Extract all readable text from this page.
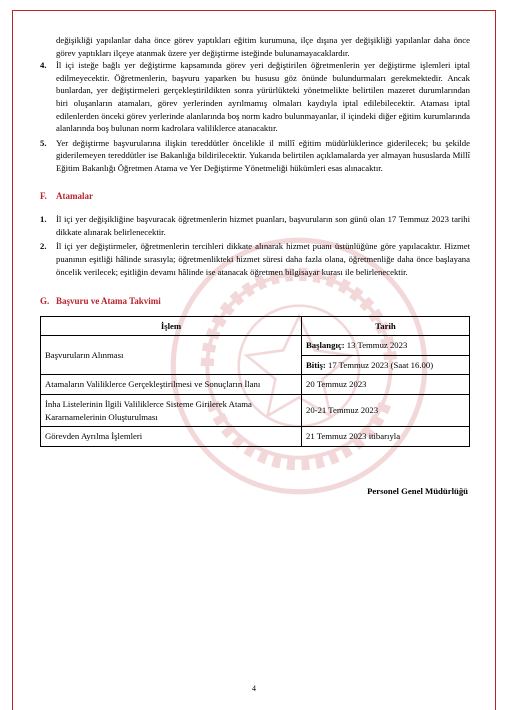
değişikliği yapılanlar daha önce görev yaptıkları eğitim kurumuna, ilçe dışına yer değişikliği yapılanlar daha önce görev yaptıkları ilçeye atanmak üzere yer değiştirme isteğinde bulunamayacaklardır.

4.	İl içi isteğe bağlı yer değiştirme kapsamında görev yeri değiştirilen öğretmenlerin yer değiştirme işlemleri iptal edilmeyecektir. Öğretmenlerin, başvuru yaparken bu hususu göz önünde bulundurmaları gerekmektedir. Ancak bunlardan, yer değiştirmeleri gerçekleştirildikten sonra yürürlükteki yönetmelikte belirtilen mazeret durumlarından biri oluşanların atamaları, görev yerlerinden ayrılmamış olmaları kaydıyla iptal edilebilecektir. Ataması iptal edilenlerden önceki görev yerlerinde alanlarında boş norm kadro bulunmayanlar, il içindeki diğer eğitim kurumlarında alanlarında boş bulunan norm kadrolara valiliklerce atanacaktır.

5.	Yer değiştirme başvurularına ilişkin tereddütler öncelikle il millî eğitim müdürlüklerince giderilecek; bu şekilde giderilemeyen tereddütler ise Bakanlığa bildirilecektir. Yukarıda belirtilen açıklamalarda yer almayan hususlarda Millî Eğitim Bakanlığı Öğretmen Atama ve Yer Değiştirme Yönetmeliği hükümleri esas alınacaktır.

F.	Atamalar
1.	İl içi yer değişikliğine başvuracak öğretmenlerin hizmet puanları, başvuruların son günü olan 17 Temmuz 2023 tarihi dikkate alınarak belirlenecektir.

2.	İl içi yer değiştirmeler, öğretmenlerin tercihleri dikkate alınarak hizmet puanı üstünlüğüne göre yapılacaktır. Hizmet puanının eşitliği hâlinde sırasıyla; öğretmenlikteki hizmet süresi daha fazla olana, öğretmenliğe daha önce başlayana öncelik verilecek; eşitliğin devamı hâlinde ise atanacak öğretmen bilgisayar kurası ile belirlenecektir.

G. Başvuru ve Atama Takvimi
İşlem	Tarih
Başvuruların Alınması	Başlangıç: 13 Temmuz 2023
	Bitiş: 17 Temmuz 2023 (Saat 16.00)
Atamaların Valiliklerce Gerçekleştirilmesi ve Sonuçların İlanı	20 Temmuz 2023
İnha Listelerinin İlgili Valiliklerce Sisteme Girilerek Atama Kararnamelerinin Oluşturulması	20-21 Temmuz 2023
Görevden Ayrılma İşlemleri	21 Temmuz 2023 itibarıyla
Personel Genel Müdürlüğü
4
